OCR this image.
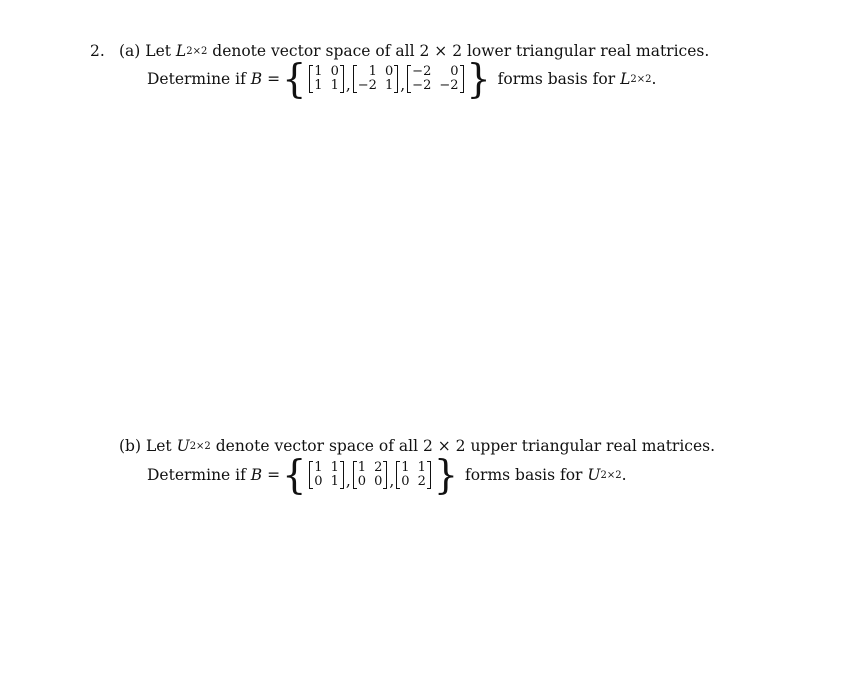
2. (a)
Let
L 2×2
denote vector space of all 2 × 2 lower triangular real matrices.
Determine if
B = { 1 0
1 1 ,
1 0
−2 1 ,
−2	0
−2 −2 }
forms basis for
L 2×2 .
(b)
Let
U 2×2
denote vector space of all 2 × 2 upper triangular real matrices.
Determine if
B = { 1 1
0 1 ,
1 2
0 0 ,
1 1
0 2 }
forms basis for
U 2×2 .
